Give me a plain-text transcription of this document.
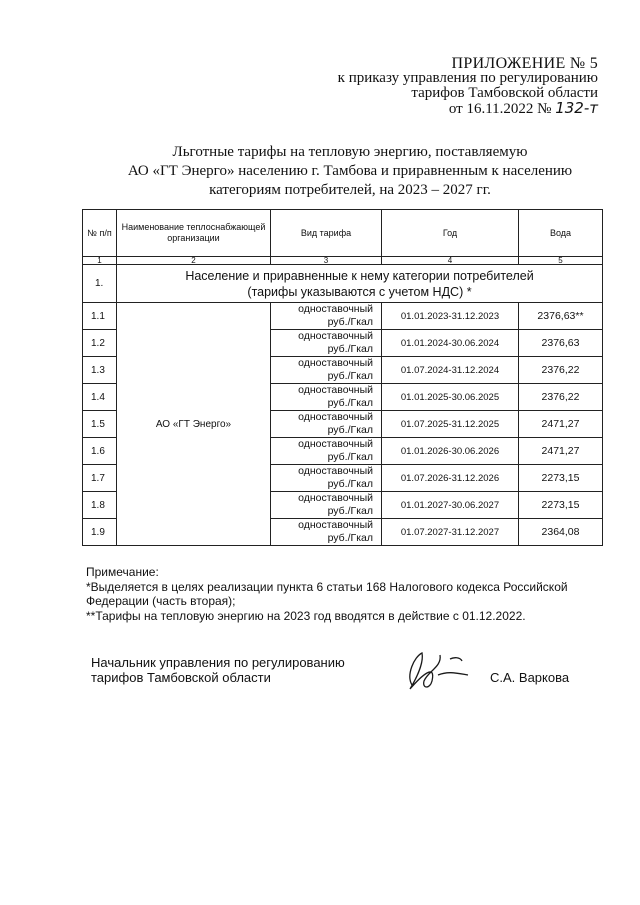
ПРИЛОЖЕНИЕ № 5
к приказу управления по регулированию
тарифов Тамбовской области
от 16.11.2022 № 132-т
Льготные тарифы на тепловую энергию, поставляемую
АО «ГТ Энерго» населению г. Тамбова и приравненным к населению
категориям потребителей, на 2023 – 2027 гг.
№ п/п	Наименование теплоснабжающей организации	Вид тарифа	Год	Вода
1	2	3	4	5
1.	Население и приравненные к нему категории потребителей
(тарифы указываются с учетом НДС) *			

1.1	АО «ГТ Энерго»	одноставочный
руб./Гкал	01.01.2023-31.12.2023	2376,63**
1.2		одноставочный
руб./Гкал	01.01.2024-30.06.2024	2376,63
1.3		одноставочный
руб./Гкал	01.07.2024-31.12.2024	2376,22
1.4		одноставочный
руб./Гкал	01.01.2025-30.06.2025	2376,22
1.5		одноставочный
руб./Гкал	01.07.2025-31.12.2025	2471,27
1.6		одноставочный
руб./Гкал	01.01.2026-30.06.2026	2471,27
1.7		одноставочный
руб./Гкал	01.07.2026-31.12.2026	2273,15
1.8		одноставочный
руб./Гкал	01.01.2027-30.06.2027	2273,15
1.9		одноставочный
руб./Гкал	01.07.2027-31.12.2027	2364,08
Примечание:
*Выделяется в целях реализации пункта 6 статьи 168 Налогового кодекса Российской
Федерации (часть вторая);
**Тарифы на тепловую энергию на 2023 год вводятся в действие с 01.12.2022.
Начальник управления по регулированию
тарифов Тамбовской области	С.А. Варкова
